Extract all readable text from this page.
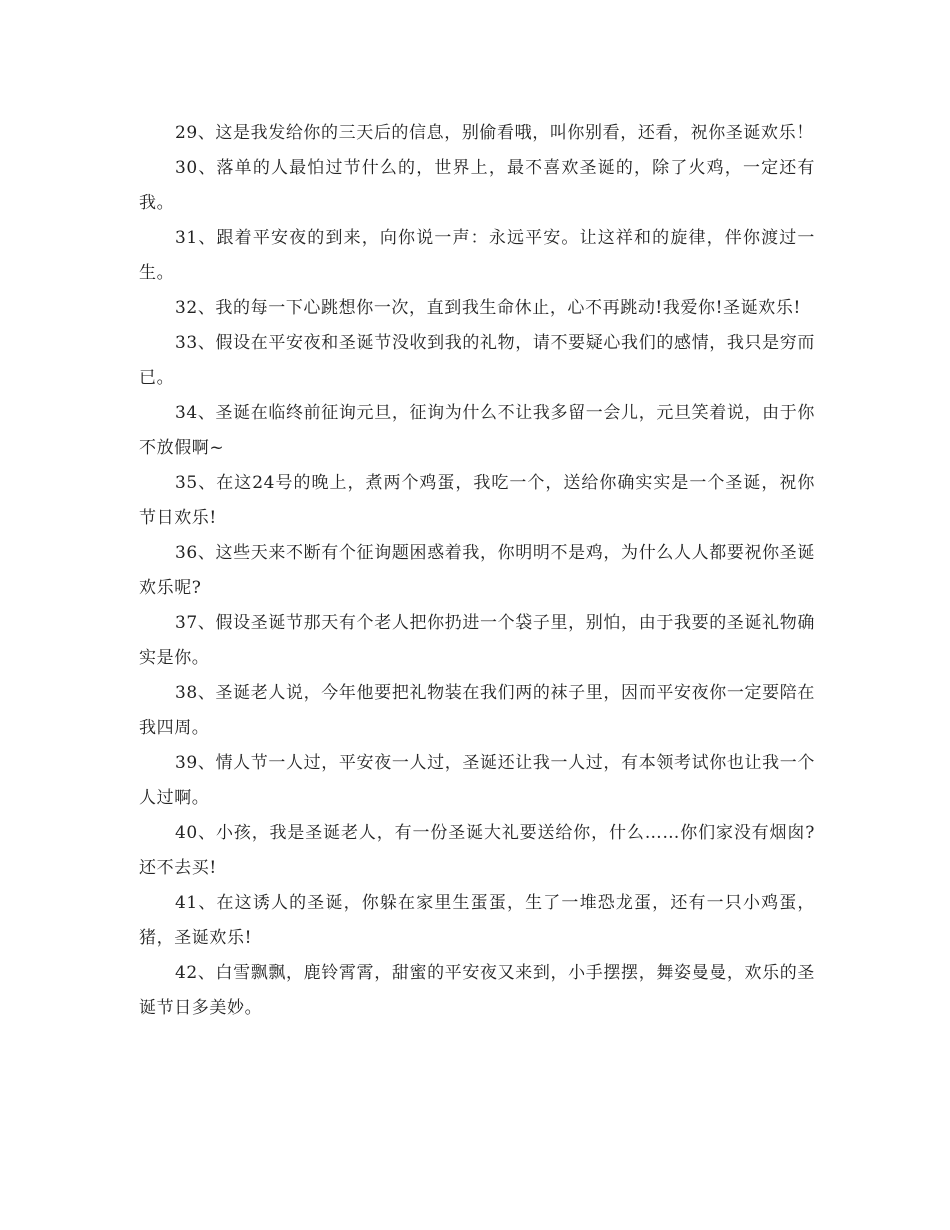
29、这是我发给你的三天后的信息，别偷看哦，叫你别看，还看，祝你圣诞欢乐！

30、落单的人最怕过节什么的，世界上，最不喜欢圣诞的，除了火鸡，一定还有我。

31、跟着平安夜的到来，向你说一声：永远平安。让这祥和的旋律，伴你渡过一生。

32、我的每一下心跳想你一次，直到我生命休止，心不再跳动!我爱你!圣诞欢乐!

33、假设在平安夜和圣诞节没收到我的礼物，请不要疑心我们的感情，我只是穷而已。

34、圣诞在临终前征询元旦，征询为什么不让我多留一会儿，元旦笑着说，由于你不放假啊~

35、在这24号的晚上，煮两个鸡蛋，我吃一个，送给你确实实是一个圣诞，祝你节日欢乐!

36、这些天来不断有个征询题困惑着我，你明明不是鸡，为什么人人都要祝你圣诞欢乐呢?

37、假设圣诞节那天有个老人把你扔进一个袋子里，别怕，由于我要的圣诞礼物确实是你。

38、圣诞老人说，今年他要把礼物装在我们两的袜子里，因而平安夜你一定要陪在我四周。

39、情人节一人过，平安夜一人过，圣诞还让我一人过，有本领考试你也让我一个人过啊。

40、小孩，我是圣诞老人，有一份圣诞大礼要送给你，什么……你们家没有烟囱?还不去买!

41、在这诱人的圣诞，你躲在家里生蛋蛋，生了一堆恐龙蛋，还有一只小鸡蛋，猪，圣诞欢乐!

42、白雪飘飘，鹿铃霄霄，甜蜜的平安夜又来到，小手摆摆，舞姿曼曼，欢乐的圣诞节日多美妙。
